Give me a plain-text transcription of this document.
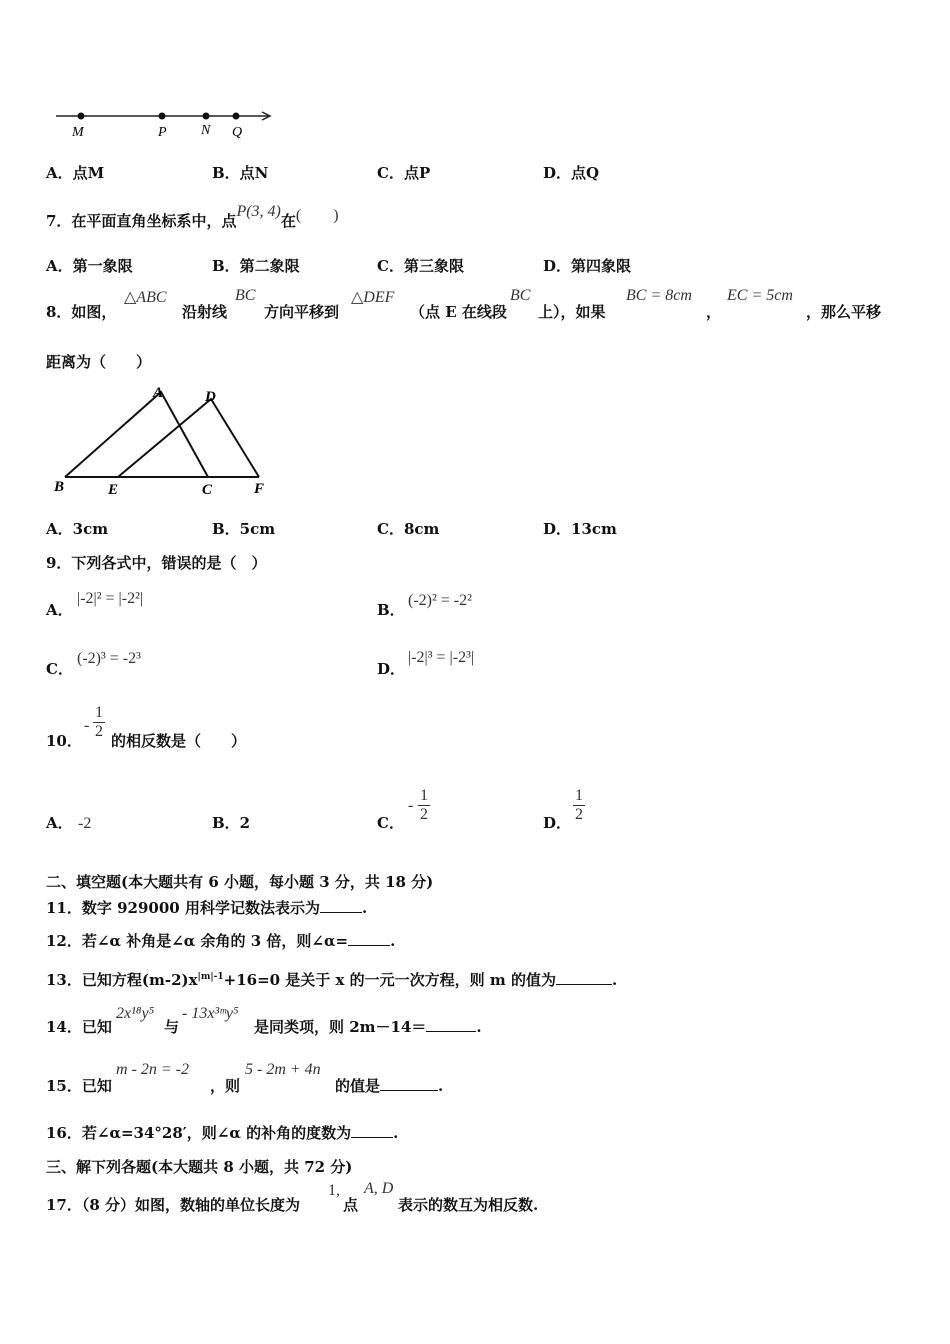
M	P N Q
A．点M	B．点N	C．点P	D．点Q
7．在平面直角坐标系中，点P(3, 4)在(　　)
A．第一象限	B．第二象限	C．第三象限	D．第四象限
8．如图，
△ABC
沿射线
BC
方向平移到
△DEF
（点 E 在线段
BC
上），如果
BC = 8cm
，
EC = 5cm
，那么平移
距离为（　　）
A	D
B	E	C	F
A．3cm	B．5cm	C．8cm	D．13cm
9．下列各式中，错误的是（　）
A．
|-2|² = |-2²|
B．
(-2)² = -2²
C．
(-2)³ = -2³
D．
|-2|³ = |-2³|
10．
- $\frac{1}{2}$ 的相反数是（　　）
A． -2	B．2	C．
- $\frac{1}{2}$	D． $\frac{1}{2}$
二、填空题(本大题共有 6 小题，每小题 3 分，共 18 分)
11．数字 929000 用科学记数法表示为	.
12．若∠α 补角是∠α 余角的 3 倍，则∠α=	.
13．已知方程$(m-2)x^{|m|-1}+16=0$ 是关于 x 的一元一次方程，则 m 的值为	.
14．已知
2x¹⁸y⁵
与
- 13x³ᵐy⁵
是同类项，则 2m－14＝	.
15．已知
m - 2n = -2
，则
5 - 2m + 4n
的值是	.
16．若∠α=34°28′，则∠α 的补角的度数为	.
三、解下列各题(本大题共 8 小题，共 72 分)
17．（8 分）如图，数轴的单位长度为
1,
点
A, D
表示的数互为相反数.
